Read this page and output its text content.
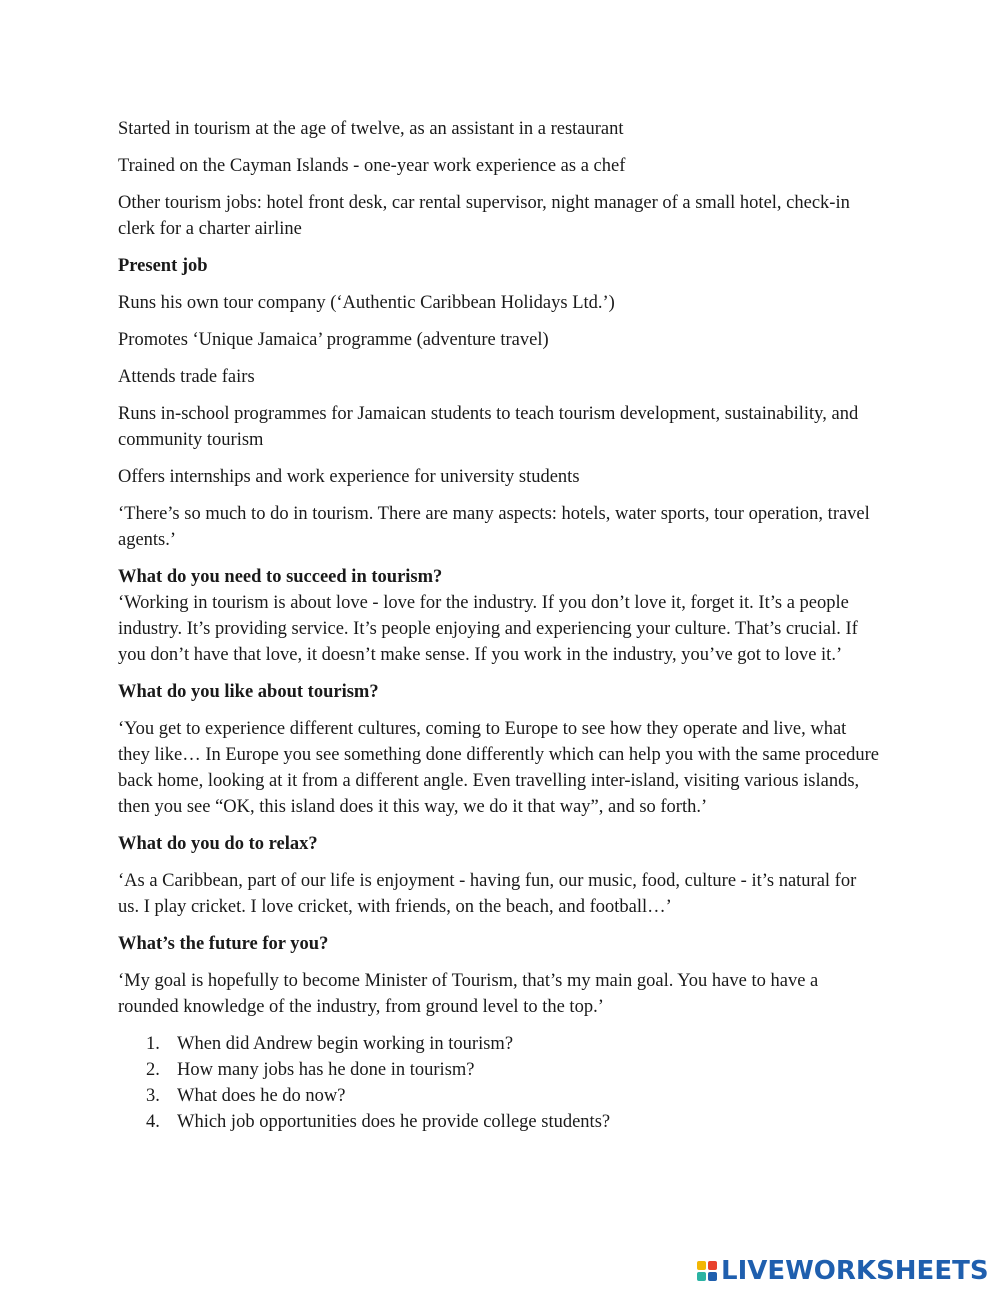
Started in tourism at the age of twelve, as an assistant in a restaurant

Trained on the Cayman Islands - one-year work experience as a chef

Other tourism jobs: hotel front desk, car rental supervisor, night manager of a small hotel, check-in clerk for a charter airline

Present job

Runs his own tour company (‘Authentic Caribbean Holidays Ltd.’)

Promotes ‘Unique Jamaica’ programme (adventure travel)

Attends trade fairs

Runs in-school programmes for Jamaican students to teach tourism development, sustainability, and community tourism

Offers internships and work experience for university students

‘There’s so much to do in tourism. There are many aspects: hotels, water sports, tour operation, travel agents.’

What do you need to succeed in tourism?

‘Working in tourism is about love - love for the industry. If you don’t love it, forget it. It’s a people industry. It’s providing service. It’s people enjoying and experiencing your culture. That’s crucial. If you don’t have that love, it doesn’t make sense. If you work in the industry, you’ve got to love it.’

What do you like about tourism?

‘You get to experience different cultures, coming to Europe to see how they operate and live, what they like… In Europe you see something done differently which can help you with the same procedure back home, looking at it from a different angle. Even travelling inter-island, visiting various islands, then you see “OK, this island does it this way, we do it that way”, and so forth.’

What do you do to relax?

‘As a Caribbean, part of our life is enjoyment - having fun, our music, food, culture - it’s natural for us. I play cricket. I love cricket, with friends, on the beach, and football…’

What’s the future for you?

‘My goal is hopefully to become Minister of Tourism, that’s my main goal. You have to have a rounded knowledge of the industry, from ground level to the top.’

1. When did Andrew begin working in tourism?
2. How many jobs has he done in tourism?
3. What does he do now?
4. Which job opportunities does he provide college students?
LIVEWORKSHEETS
